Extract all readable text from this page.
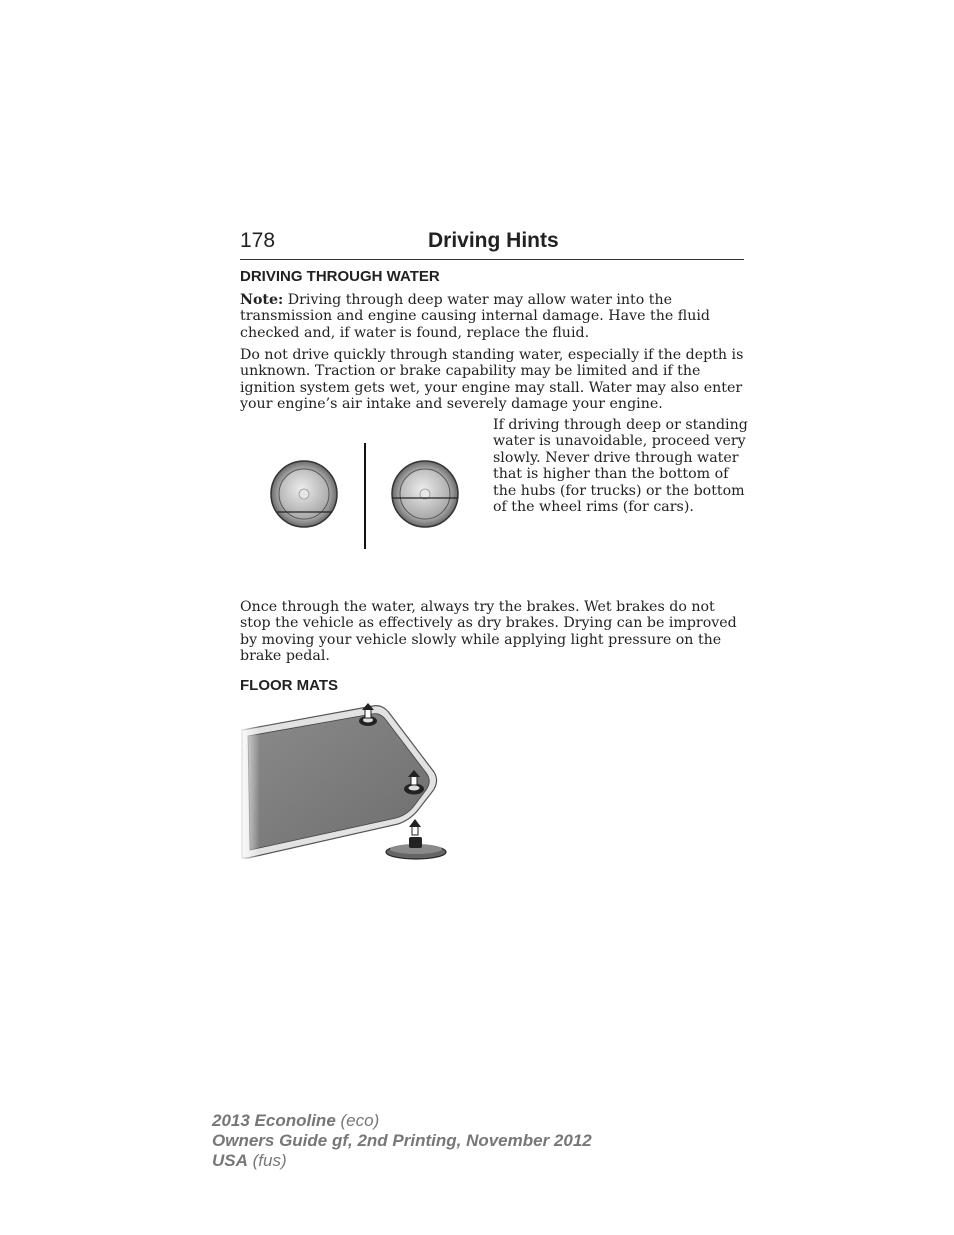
178	Driving Hints
DRIVING THROUGH WATER

Note: Driving through deep water may allow water into the transmission and engine causing internal damage. Have the fluid checked and, if water is found, replace the fluid.

Do not drive quickly through standing water, especially if the depth is unknown. Traction or brake capability may be limited and if the ignition system gets wet, your engine may stall. Water may also enter your engine’s air intake and severely damage your engine.

If driving through deep or standing water is unavoidable, proceed very slowly. Never drive through water that is higher than the bottom of the hubs (for trucks) or the bottom of the wheel rims (for cars).

Once through the water, always try the brakes. Wet brakes do not stop the vehicle as effectively as dry brakes. Drying can be improved by moving your vehicle slowly while applying light pressure on the brake pedal.

FLOOR MATS
2013 Econoline (eco)
Owners Guide gf, 2nd Printing, November 2012
USA (fus)
